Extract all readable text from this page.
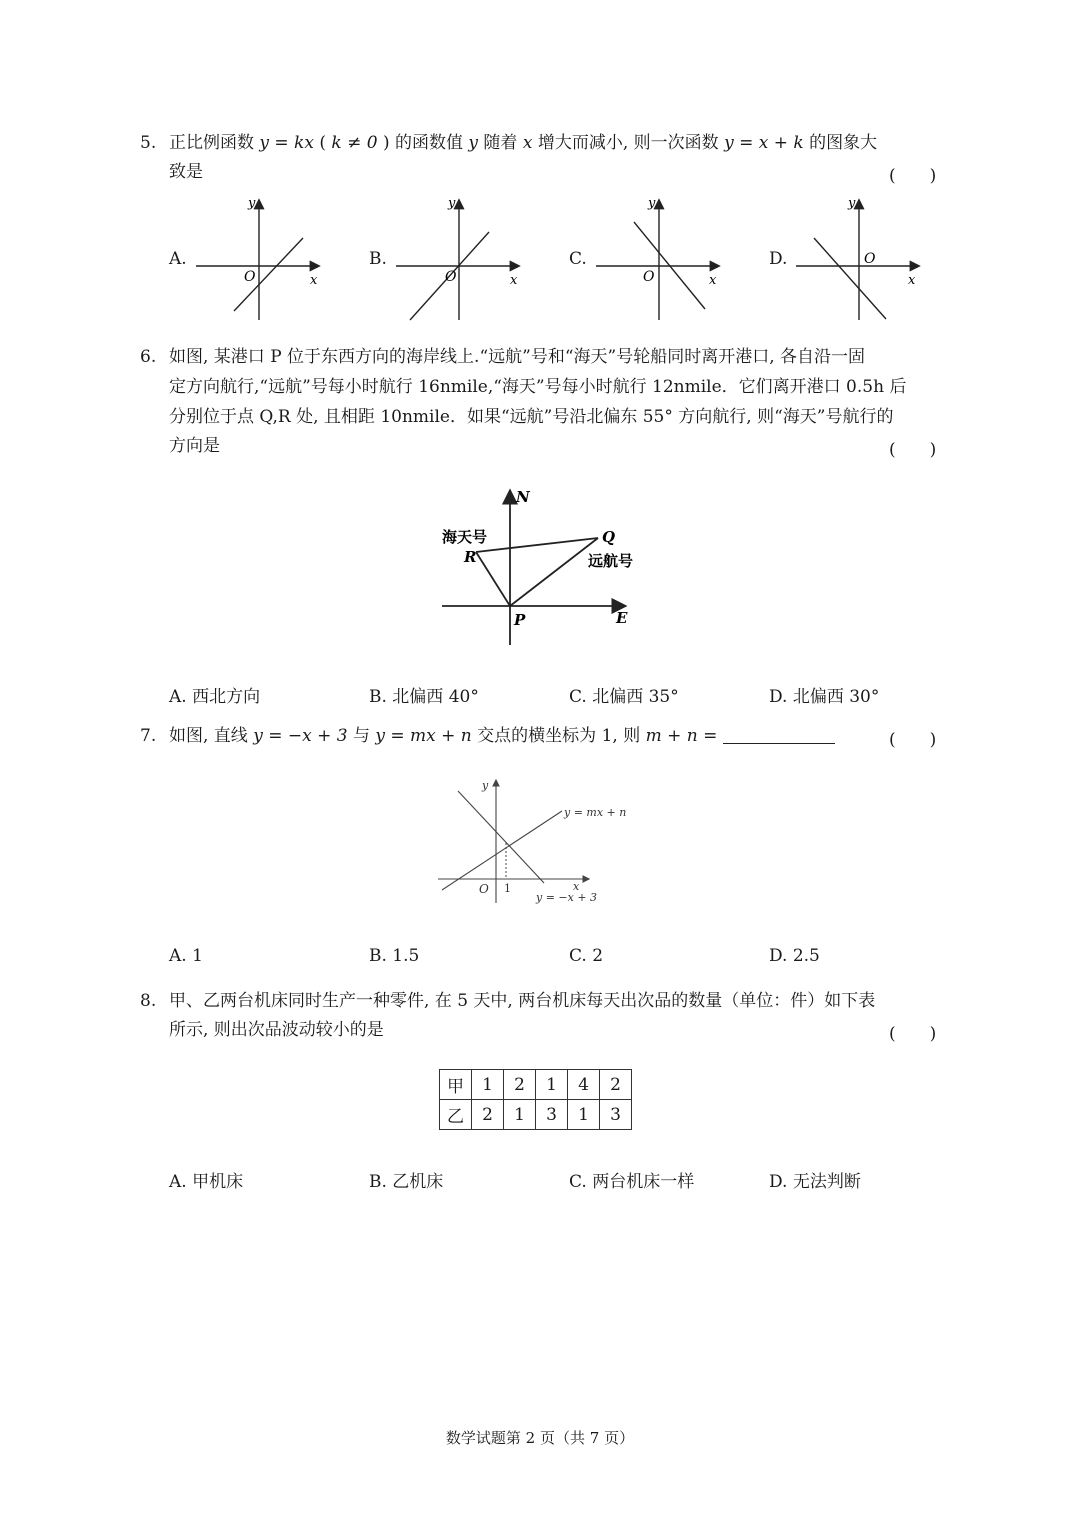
5. 正比例函数 y = kx ( k ≠ 0 ) 的函数值 y 随着 x 增大而减小, 则一次函数 y = x + k 的图象大
致是	(　　)
A.
y
x
O
B.
y
x
O
C.
y
x
O
D.
y
x
O
6. 如图, 某港口 P 位于东西方向的海岸线上.“远航”号和“海天”号轮船同时离开港口, 各自沿一固
定方向航行,“远航”号每小时航行 16nmile,“海天”号每小时航行 12nmile．它们离开港口 0.5h 后
分别位于点 Q,R 处, 且相距 10nmile．如果“远航”号沿北偏东 55° 方向航行, 则“海天”号航行的
方向是	(　　)
N
E
P
Q
R
海天号
远航号
A. 西北方向	B. 北偏西 40°	C. 北偏西 35°	D. 北偏西 30°
7. 如图, 直线 y = −x + 3 与 y = mx + n 交点的横坐标为 1, 则 m + n =	(　　)
y
x
O 1
y = mx + n
y = −x + 3
A. 1	B. 1.5	C. 2	D. 2.5
8. 甲、乙两台机床同时生产一种零件, 在 5 天中, 两台机床每天出次品的数量（单位：件）如下表
所示, 则出次品波动较小的是	(　　)
甲	1	2	1	4	2
乙	2	1	3	1	3
A. 甲机床	B. 乙机床	C. 两台机床一样	D. 无法判断
数学试题第 2 页（共 7 页）
